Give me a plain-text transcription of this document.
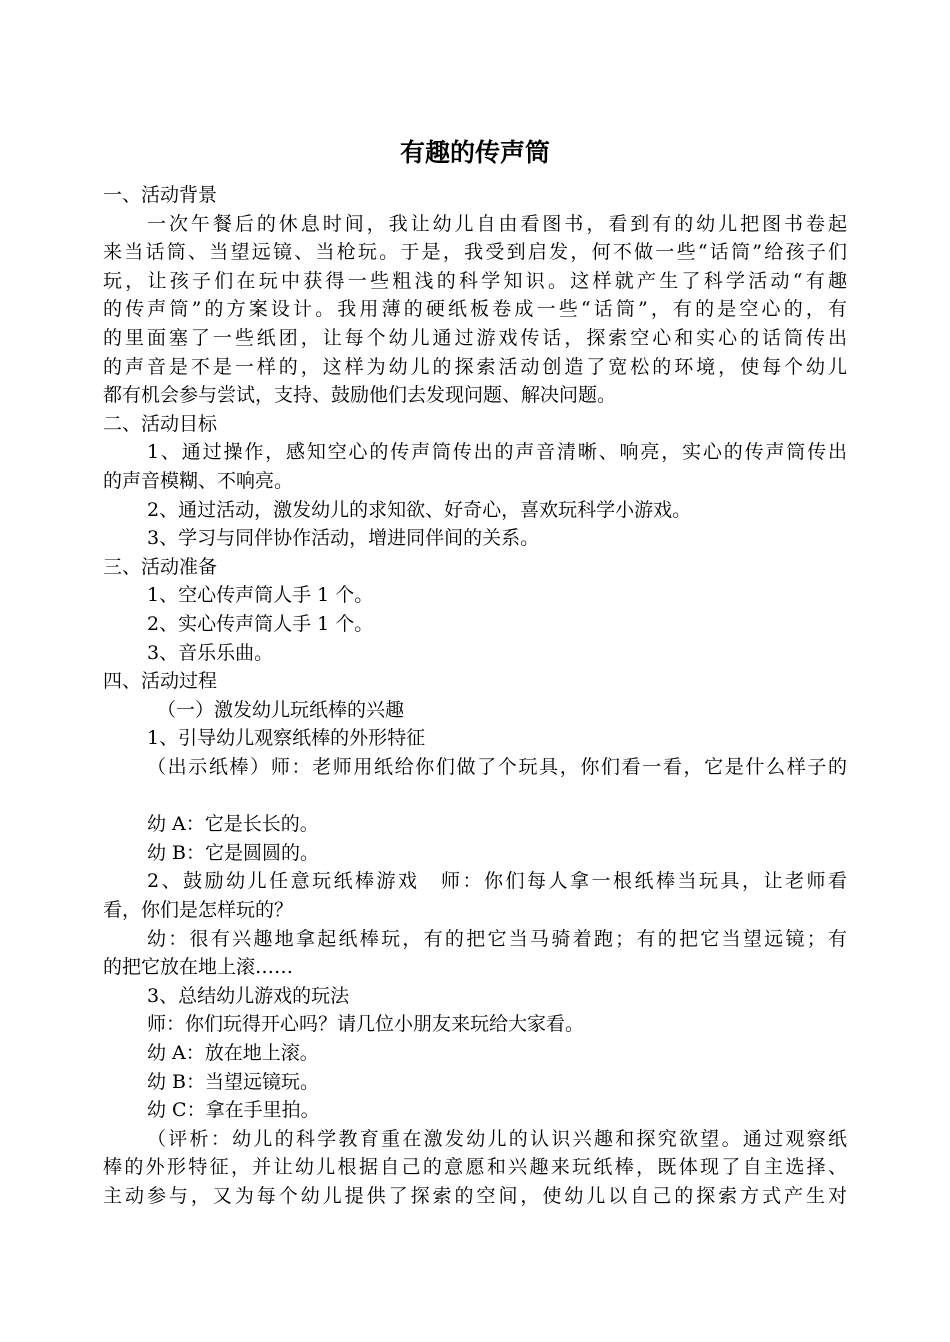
有趣的传声筒
一、活动背景
一次午餐后的休息时间，我让幼儿自由看图书，看到有的幼儿把图书卷起
来当话筒、当望远镜、当枪玩。于是，我受到启发，何不做一些“话筒”给孩子们
玩，让孩子们在玩中获得一些粗浅的科学知识。这样就产生了科学活动“有趣
的传声筒”的方案设计。我用薄的硬纸板卷成一些“话筒”，有的是空心的，有
的里面塞了一些纸团，让每个幼儿通过游戏传话，探索空心和实心的话筒传出
的声音是不是一样的，这样为幼儿的探索活动创造了宽松的环境，使每个幼儿
都有机会参与尝试，支持、鼓励他们去发现问题、解决问题。
二、活动目标
1、通过操作，感知空心的传声筒传出的声音清晰、响亮，实心的传声筒传出
的声音模糊、不响亮。
2、通过活动，激发幼儿的求知欲、好奇心，喜欢玩科学小游戏。
3、学习与同伴协作活动，增进同伴间的关系。
三、活动准备
1、空心传声筒人手 1 个。
2、实心传声筒人手 1 个。
3、音乐乐曲。
四、活动过程
（一）激发幼儿玩纸棒的兴趣
1、引导幼儿观察纸棒的外形特征
（出示纸棒）师：老师用纸给你们做了个玩具，你们看一看，它是什么样子的
幼 A：它是长长的。
幼 B：它是圆圆的。
2、鼓励幼儿任意玩纸棒游戏　师：你们每人拿一根纸棒当玩具，让老师看
看，你们是怎样玩的？
幼：很有兴趣地拿起纸棒玩，有的把它当马骑着跑；有的把它当望远镜；有
的把它放在地上滚……
3、总结幼儿游戏的玩法
师：你们玩得开心吗？请几位小朋友来玩给大家看。
幼 A：放在地上滚。
幼 B：当望远镜玩。
幼 C：拿在手里拍。
（评析：幼儿的科学教育重在激发幼儿的认识兴趣和探究欲望。通过观察纸
棒的外形特征，并让幼儿根据自己的意愿和兴趣来玩纸棒，既体现了自主选择、
主动参与，又为每个幼儿提供了探索的空间，使幼儿以自己的探索方式产生对
